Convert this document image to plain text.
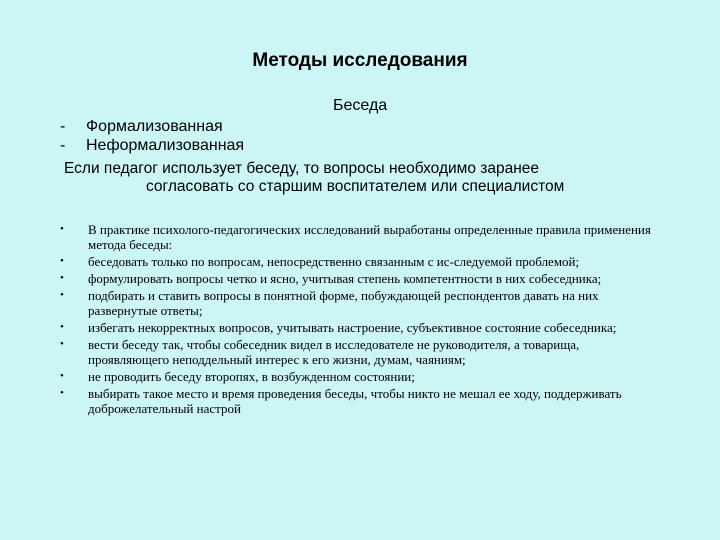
Методы исследования
Беседа
- Формализованная
- Неформализованная
Если педагог использует беседу, то вопросы необходимо заранее
согласовать со старшим воспитателем или специалистом
• В практике психолого-педагогических исследований выработаны определенные правила применения метода беседы:
• беседовать только по вопросам, непосредственно связанным с ис-следуемой проблемой;
• формулировать вопросы четко и ясно, учитывая степень компетентности в них собеседника;
• подбирать и ставить вопросы в понятной форме, побуждающей респондентов давать на них развернутые ответы;
• избегать некорректных вопросов, учитывать настроение, субъективное состояние собеседника;
• вести беседу так, чтобы собеседник видел в исследователе не руководителя, а товарища, проявляющего неподдельный интерес к его жизни, думам, чаяниям;
• не проводить беседу второпях, в возбужденном состоянии;
• выбирать такое место и время проведения беседы, чтобы никто не мешал ее ходу, поддерживать доброжелательный настрой
